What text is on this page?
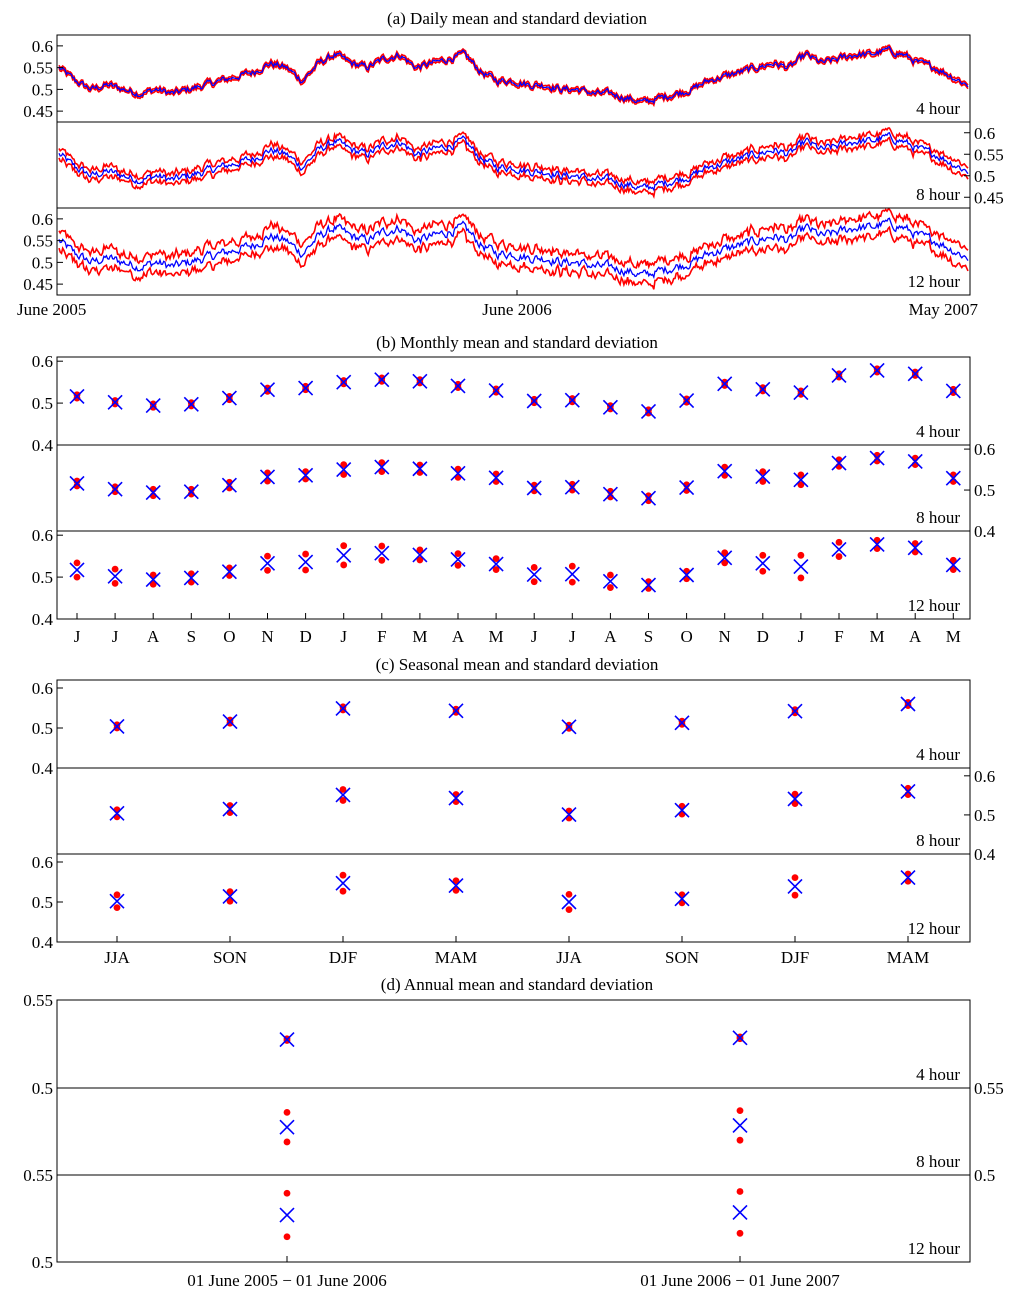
(a) Daily mean and standard deviation
(b) Monthly mean and standard deviation
(c) Seasonal mean and standard deviation
(d) Annual mean and standard deviation
0.6
0.55
0.5
0.45	4 hour
0.6
0.55
0.5
0.45
8 hour
0.6
0.55
0.5
0.45	12 hour
June 2005	June 2006	May 2007
0.6
0.5
0.4
4 hour
0.6
0.5
0.4
8 hour
0.6
0.5
0.4
12 hour
J J A S O N D J F M A M J J A S O N D J F M A M
0.6
0.5
0.4
4 hour
0.6
0.5
0.4
8 hour
0.6
0.5
0.4
12 hour
JJA	SON	DJF	MAM	JJA	SON	DJF	MAM
0.55
0.5
4 hour
0.55
0.5
8 hour
0.55
0.5
12 hour
01 June 2005 − 01 June 2006	01 June 2006 − 01 June 2007
